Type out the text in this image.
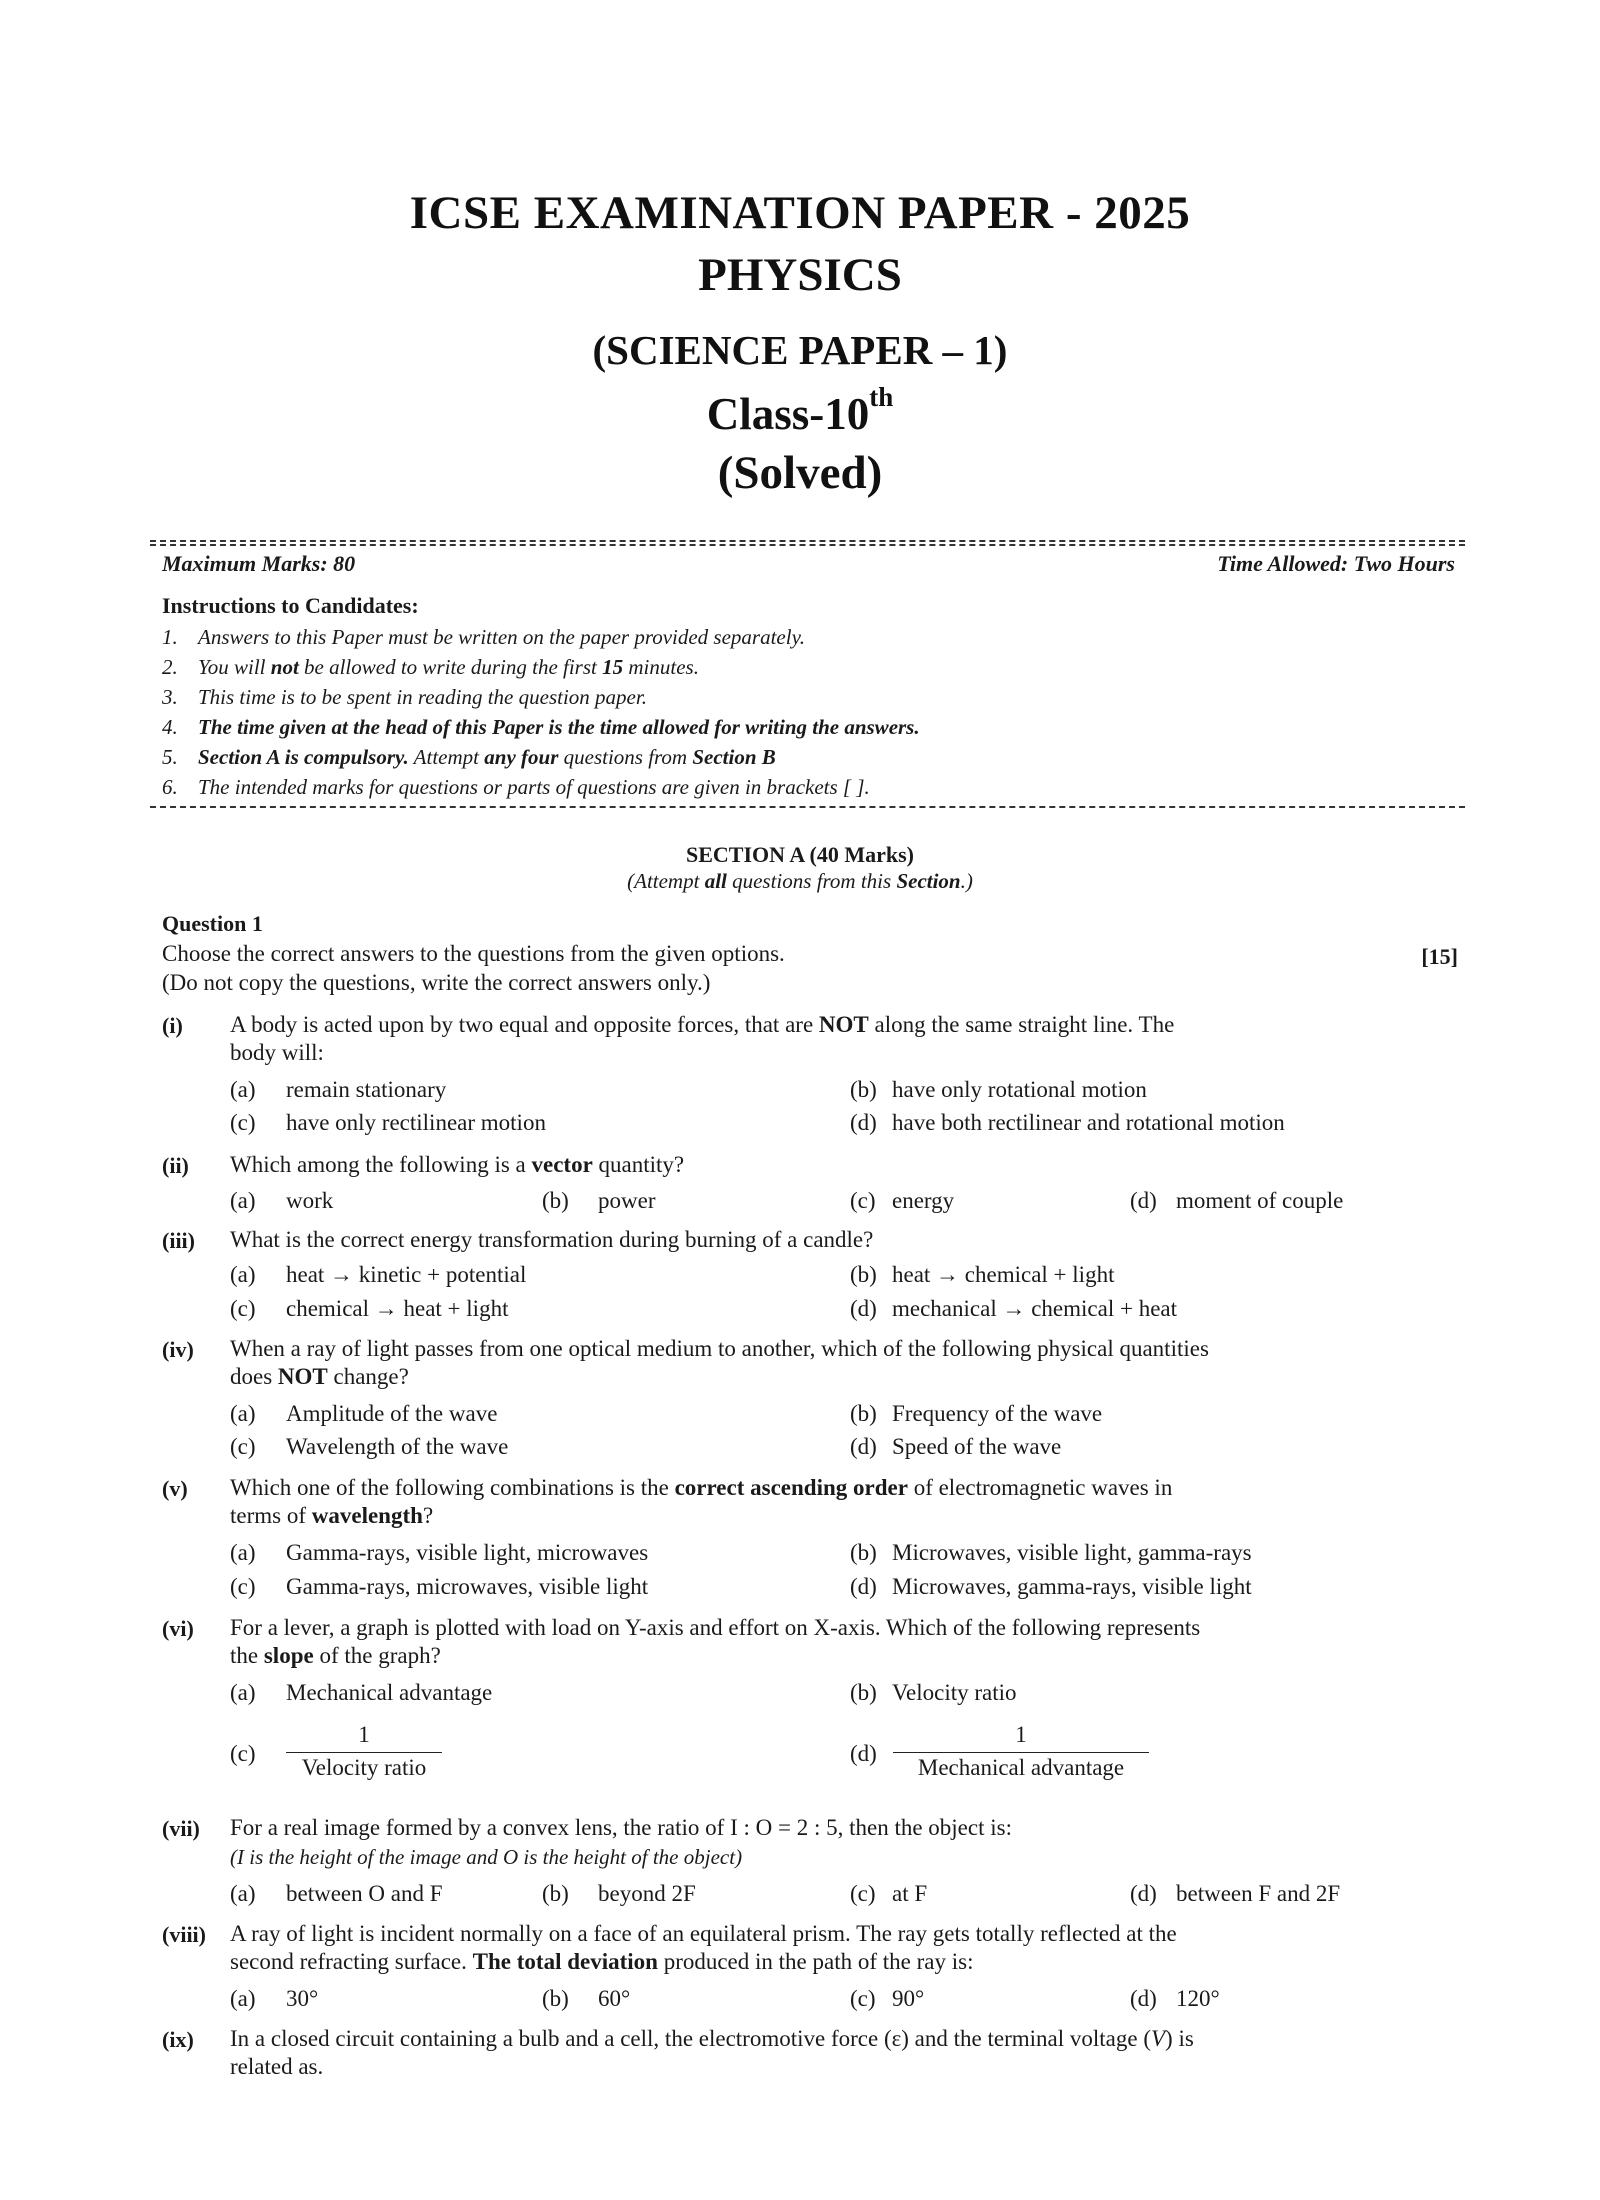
ICSE EXAMINATION PAPER - 2025
PHYSICS
(SCIENCE PAPER – 1)
Class-10th
(Solved)
Maximum Marks: 80	Time Allowed: Two Hours
Instructions to Candidates:
1. Answers to this Paper must be written on the paper provided separately.
2. You will not be allowed to write during the first 15 minutes.
3. This time is to be spent in reading the question paper.
4. The time given at the head of this Paper is the time allowed for writing the answers.
5. Section A is compulsory. Attempt any four questions from Section B
6. The intended marks for questions or parts of questions are given in brackets [ ].
SECTION A (40 Marks)
(Attempt all questions from this Section.)
Question 1
Choose the correct answers to the questions from the given options.
(Do not copy the questions, write the correct answers only.)
[15]
(i) A body is acted upon by two equal and opposite forces, that are NOT along the same straight line. The
body will:
(a) remain stationary	(b) have only rotational motion
(c) have only rectilinear motion	(d) have both rectilinear and rotational motion
(ii) Which among the following is a vector quantity?
(a) work	(b) power	(c) energy	(d) moment of couple
(iii) What is the correct energy transformation during burning of a candle?
(a) heat → kinetic + potential	(b) heat → chemical + light
(c) chemical → heat + light	(d) mechanical → chemical + heat
(iv) When a ray of light passes from one optical medium to another, which of the following physical quantities
does NOT change?
(a) Amplitude of the wave	(b) Frequency of the wave
(c) Wavelength of the wave	(d) Speed of the wave
(v) Which one of the following combinations is the correct ascending order of electromagnetic waves in
terms of wavelength?
(a) Gamma-rays, visible light, microwaves	(b) Microwaves, visible light, gamma-rays
(c) Gamma-rays, microwaves, visible light	(d) Microwaves, gamma-rays, visible light
(vi) For a lever, a graph is plotted with load on Y-axis and effort on X-axis. Which of the following represents
the slope of the graph?
(a) Mechanical advantage	(b) Velocity ratio
(c)
1
Velocity ratio
(d)
1
Mechanical advantage
(vii) For a real image formed by a convex lens, the ratio of I : O = 2 : 5, then the object is:
(I is the height of the image and O is the height of the object)
(a) between O and F	(b) beyond 2F	(c) at F	(d) between F and 2F
(viii) A ray of light is incident normally on a face of an equilateral prism. The ray gets totally reflected at the
second refracting surface. The total deviation produced in the path of the ray is:
(a) 30°	(b) 60°	(c) 90°	(d) 120°
(ix) In a closed circuit containing a bulb and a cell, the electromotive force (ε) and the terminal voltage (V) is
related as.
